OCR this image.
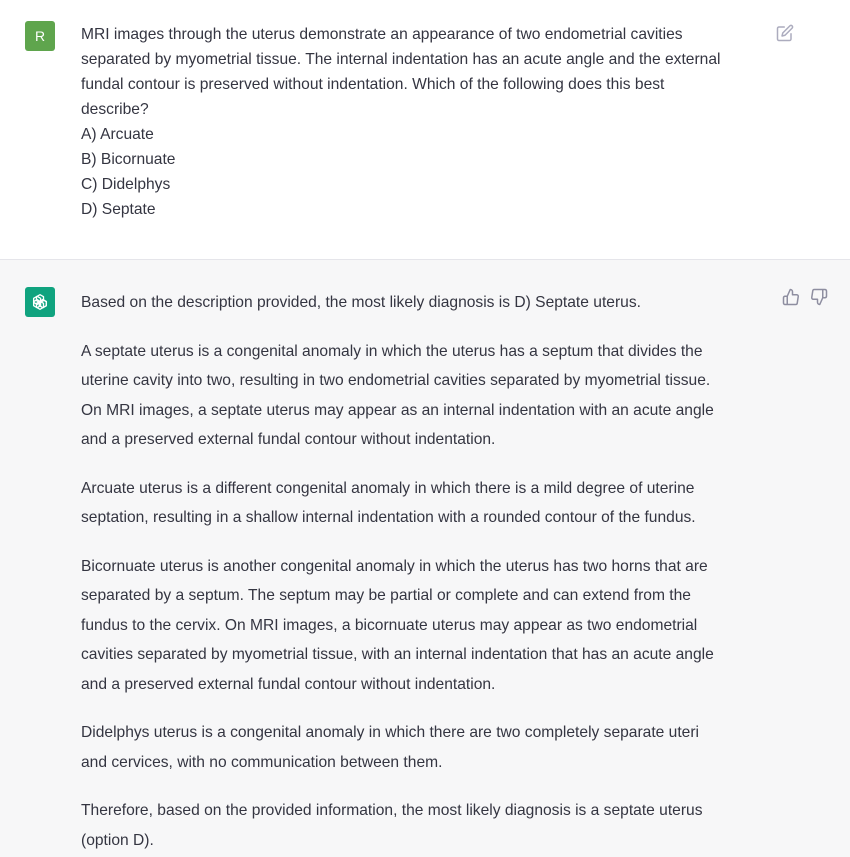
R MRI images through the uterus demonstrate an appearance of two endometrial cavities
separated by myometrial tissue. The internal indentation has an acute angle and the external
fundal contour is preserved without indentation. Which of the following does this best
describe?
A) Arcuate
B) Bicornuate
C) Didelphys
D) Septate
Based on the description provided, the most likely diagnosis is D) Septate uterus.
A septate uterus is a congenital anomaly in which the uterus has a septum that divides the
uterine cavity into two, resulting in two endometrial cavities separated by myometrial tissue.
On MRI images, a septate uterus may appear as an internal indentation with an acute angle
and a preserved external fundal contour without indentation.
Arcuate uterus is a different congenital anomaly in which there is a mild degree of uterine
septation, resulting in a shallow internal indentation with a rounded contour of the fundus.
Bicornuate uterus is another congenital anomaly in which the uterus has two horns that are
separated by a septum. The septum may be partial or complete and can extend from the
fundus to the cervix. On MRI images, a bicornuate uterus may appear as two endometrial
cavities separated by myometrial tissue, with an internal indentation that has an acute angle
and a preserved external fundal contour without indentation.
Didelphys uterus is a congenital anomaly in which there are two completely separate uteri
and cervices, with no communication between them.
Therefore, based on the provided information, the most likely diagnosis is a septate uterus
(option D).
